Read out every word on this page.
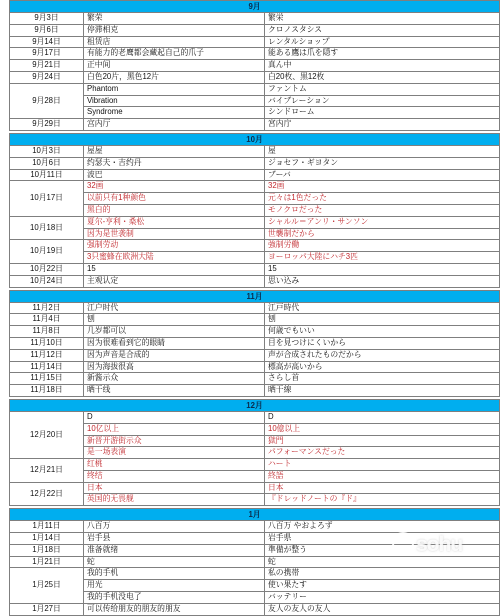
9月		
9月3日	繁荣	繁栄
9月6日	停滞相克	クロノスタシス
9月14日	租赁店	レンタルショップ
9月17日	有能力的老鹰都会藏起自己的爪子	能ある鷹は爪を隠す
9月21日	正中间	真ん中
9月24日	白色20片，黑色12片	白20枚、黒12枚
9月28日	Phantom	ファントム
	Vibration	バイブレーション
	Syndrome	シンドローム
9月29日	宫内厅	宮内庁

10月		
10月3日	屋屋	屋
10月6日	约瑟夫・吉约丹	ジョセフ・ギヨタン
10月11日	波巴	ブーバ
10月17日	32画	32画
	以前只有1种颜色	元々は1色だった
	黑白的	モノクロだった
10月18日	夏尔-亨利・桑松	シャルル＝アンリ・サンソン
	因为是世袭制	世襲制だから
10月19日	强制劳动	強制労働
	3只蜜蜂在欧洲大陆	ヨーロッパ大陸にハチ3匹
10月22日	15	15
10月24日	主观认定	思い込み

11月		
11月2日	江户时代	江戸時代
11月4日	刨	刨
11月8日	几岁都可以	何歳でもいい
11月10日	因为很难看到它的眼睛	目を見つけにくいから
11月12日	因为声音是合成的	声が合成されたものだから
11月14日	因为海拔很高	標高が高いから
11月15日	新酱示众	さらし首
11月18日	晒干线	晒干線

12月		
12月20日	D	D
	10亿以上	10億以上
	新晋开游街示众	獄門
	是一场表演	パフォーマンスだった
12月21日	红桃	ハート
	终结	終語
12月22日	日本	日本
	英国的无畏舰	『ドレッドノートの『ド』

1月		
1月11日	八百万	八百万 やおよろず
1月14日	岩手县	岩手県
1月18日	准备就绪	準備が整う
1月21日	蛇	蛇
1月25日	我的手机	私の携帯
	用光	使い果たす
	我的手机没电了	バッテリー
1月27日	可以传给朋友的朋友的朋友	友人の友人の友人
sohu
